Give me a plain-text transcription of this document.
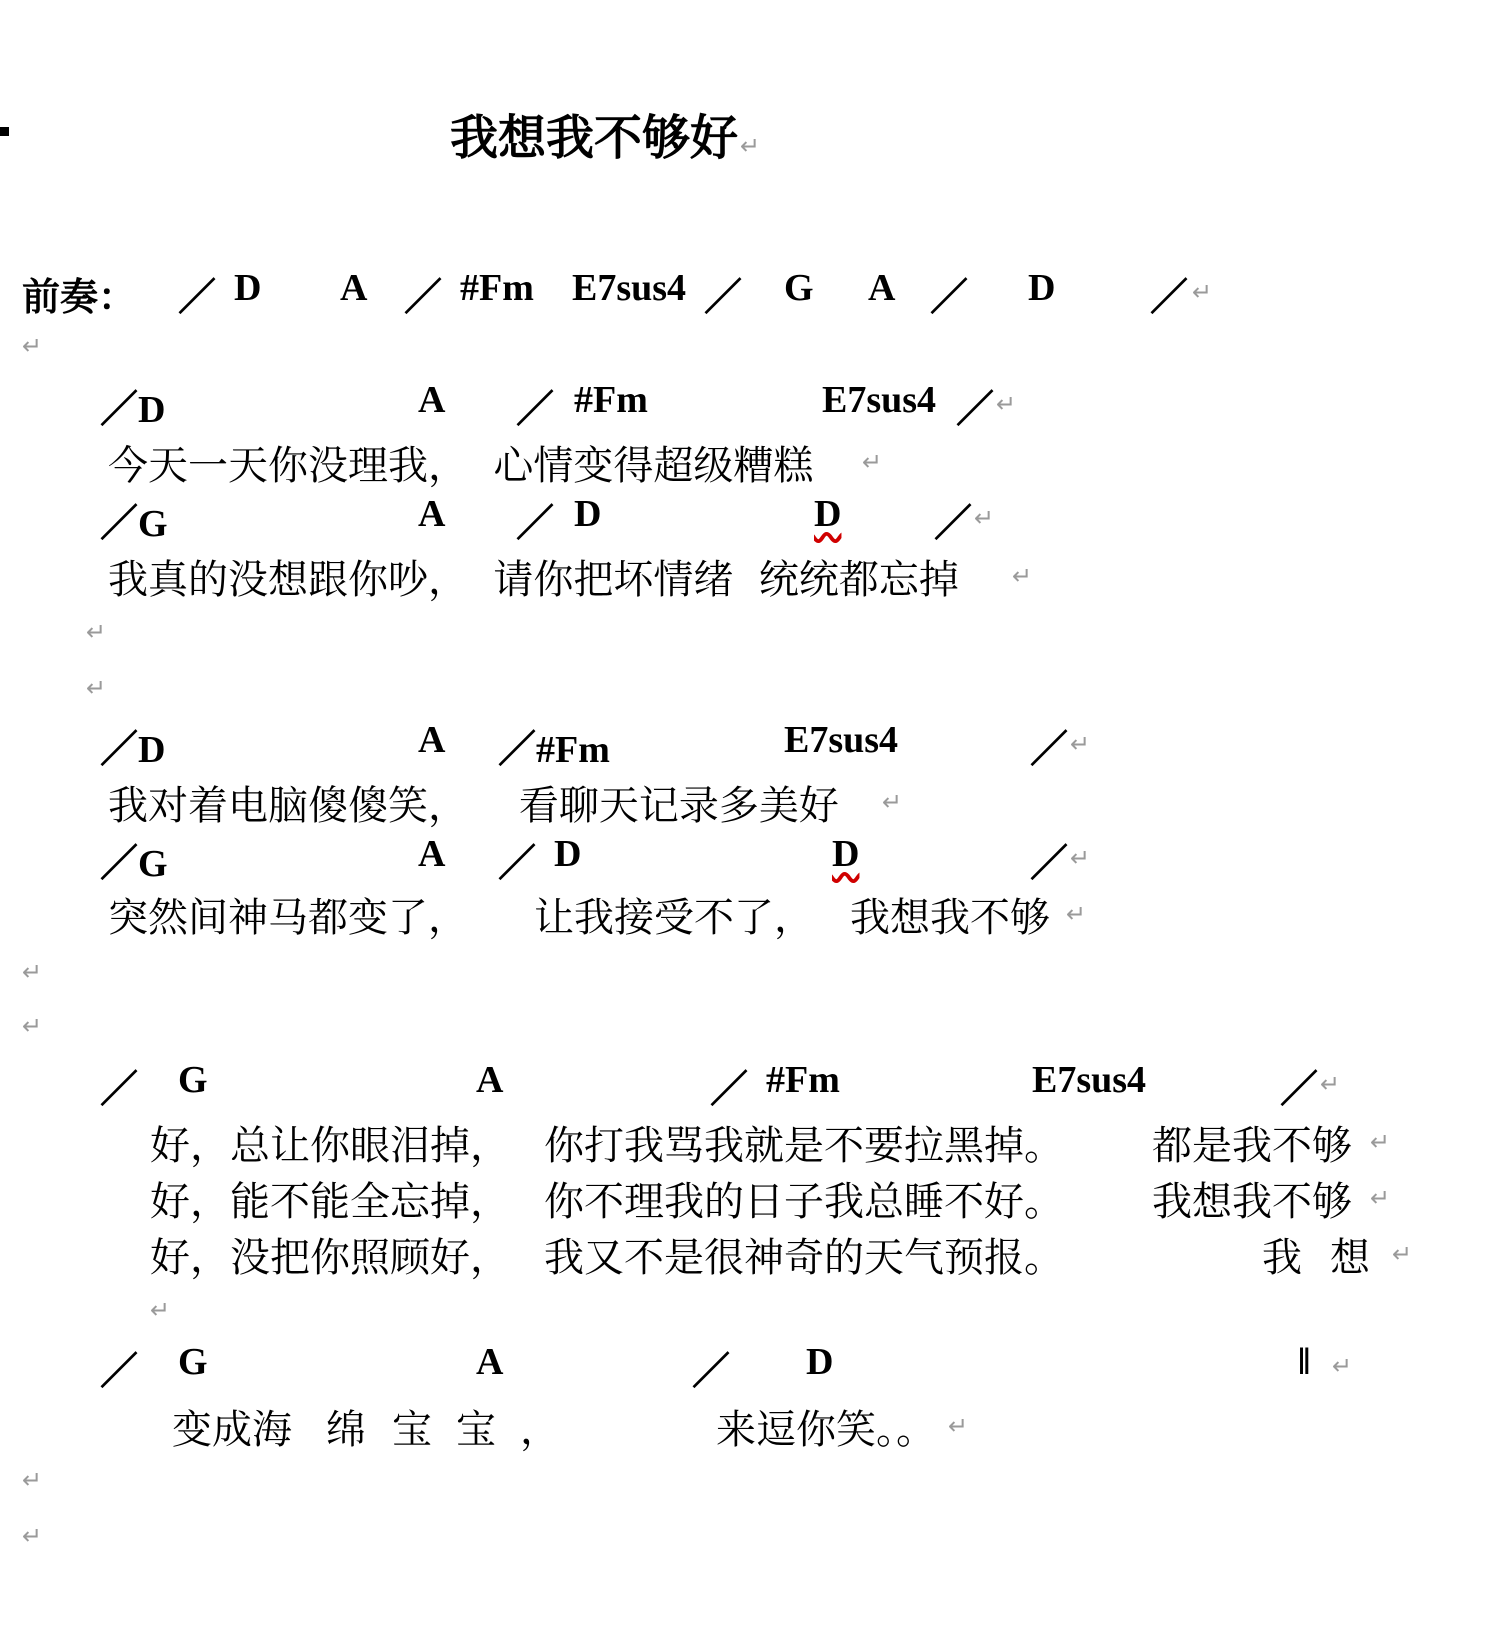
我想我不够好↵
前奏： ／ D A ／ #Fm E7sus4 ／ G A ／ D ／ ↵
↵
／D	A ／ #Fm	E7sus4 ／ ↵
今天一天你没理我，  心情变得超级糟糕 ↵
／G	A ／ D	D ／ ↵
我真的没想跟你吵，  请你把坏情绪  统统都忘掉 ↵
↵
↵
／D	A ／#Fm	E7sus4	／ ↵
我对着电脑傻傻笑，    看聊天记录多美好 ↵
／G	A ／ D	D	／ ↵
突然间神马都变了， 让我接受不了， 我想我不够 ↵
↵
↵
／ G	A	／ #Fm	E7sus4	／ ↵
好，总让你眼泪掉， 你打我骂我就是不要拉黑掉。 都是我不够 ↵
好，能不能全忘掉， 你不理我的日子我总睡不好。 我想我不够 ↵
好，没把你照顾好， 我又不是很神奇的天气预报。	我 想 ↵
↵
／ G	A	／ D	‖ ↵
变成海 绵 宝 宝 ，	来逗你笑。。 ↵
↵
↵
